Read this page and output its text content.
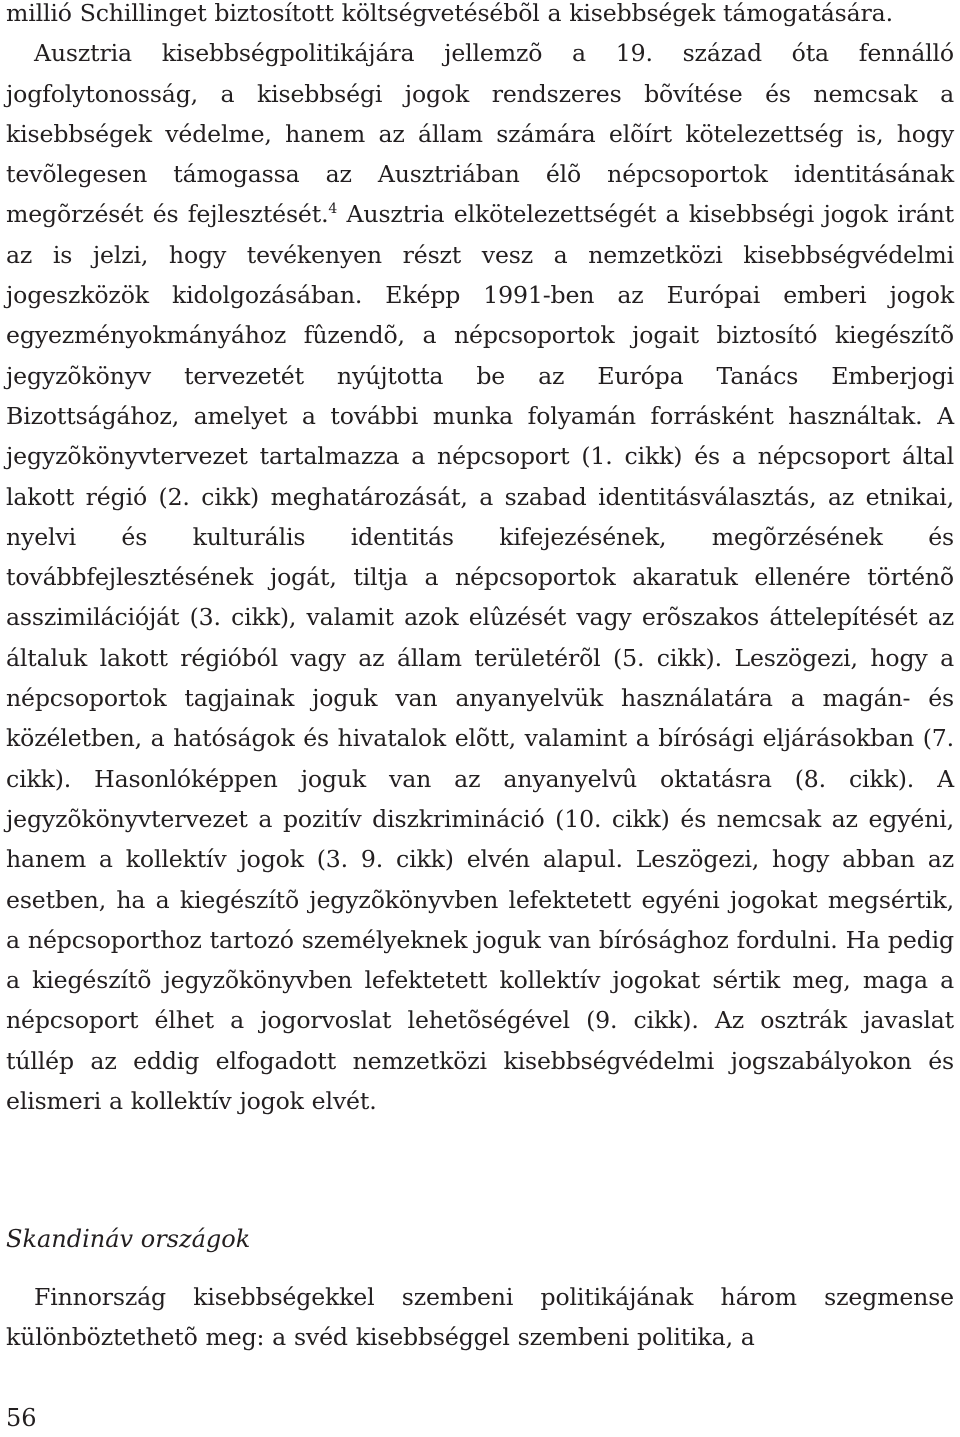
millió Schillinget biztosított költségvetésébõl a kisebbségek támogatására.

Ausztria kisebbségpolitikájára jellemzõ a 19. század óta fennálló jogfolytonosság, a kisebbségi jogok rendszeres bõvítése és nemcsak a kisebbségek védelme, hanem az állam számára elõírt kötelezettség is, hogy tevõlegesen támogassa az Ausztriában élõ népcsoportok identitásának megõrzését és fejlesztését.$^4$ Ausztria elkötelezettségét a kisebbségi jogok iránt az is jelzi, hogy tevékenyen részt vesz a nemzetközi kisebbségvédelmi jogeszközök kidolgozásában. Eképp 1991-ben az Európai emberi jogok egyezményokmányához fûzendõ, a népcsoportok jogait biztosító kiegészítõ jegyzõkönyv tervezetét nyújtotta be az Európa Tanács Emberjogi Bizottságához, amelyet a további munka folyamán forrásként használtak. A jegyzõkönyvtervezet tartalmazza a népcsoport (1. cikk) és a népcsoport által lakott régió (2. cikk) meghatározását, a szabad identitásválasztás, az etnikai, nyelvi és kulturális identitás kifejezésének, megõrzésének és továbbfejlesztésének jogát, tiltja a népcsoportok akaratuk ellenére történõ asszimilációját (3. cikk), valamit azok elûzését vagy erõszakos áttelepítését az általuk lakott régióból vagy az állam területérõl (5. cikk). Leszögezi, hogy a népcsoportok tagjainak joguk van anyanyelvük használatára a magán- és közéletben, a hatóságok és hivatalok elõtt, valamint a bírósági eljárásokban (7. cikk). Hasonlóképpen joguk van az anyanyelvû oktatásra (8. cikk). A jegyzõkönyvtervezet a pozitív diszkrimináció (10. cikk) és nemcsak az egyéni, hanem a kollektív jogok (3. 9. cikk) elvén alapul. Leszögezi, hogy abban az esetben, ha a kiegészítõ jegyzõkönyvben lefektetett egyéni jogokat megsértik, a népcsoporthoz tartozó személyeknek joguk van bírósághoz fordulni. Ha pedig a kiegészítõ jegyzõkönyvben lefektetett kollektív jogokat sértik meg, maga a népcsoport élhet a jogorvoslat lehetõségével (9. cikk). Az osztrák javaslat túllép az eddig elfogadott nemzetközi kisebbségvédelmi jogszabályokon és elismeri a kollektív jogok elvét.

Skandináv országok

Finnország kisebbségekkel szembeni politikájának három szegmense különböztethetõ meg: a svéd kisebbséggel szembeni politika, a

56
